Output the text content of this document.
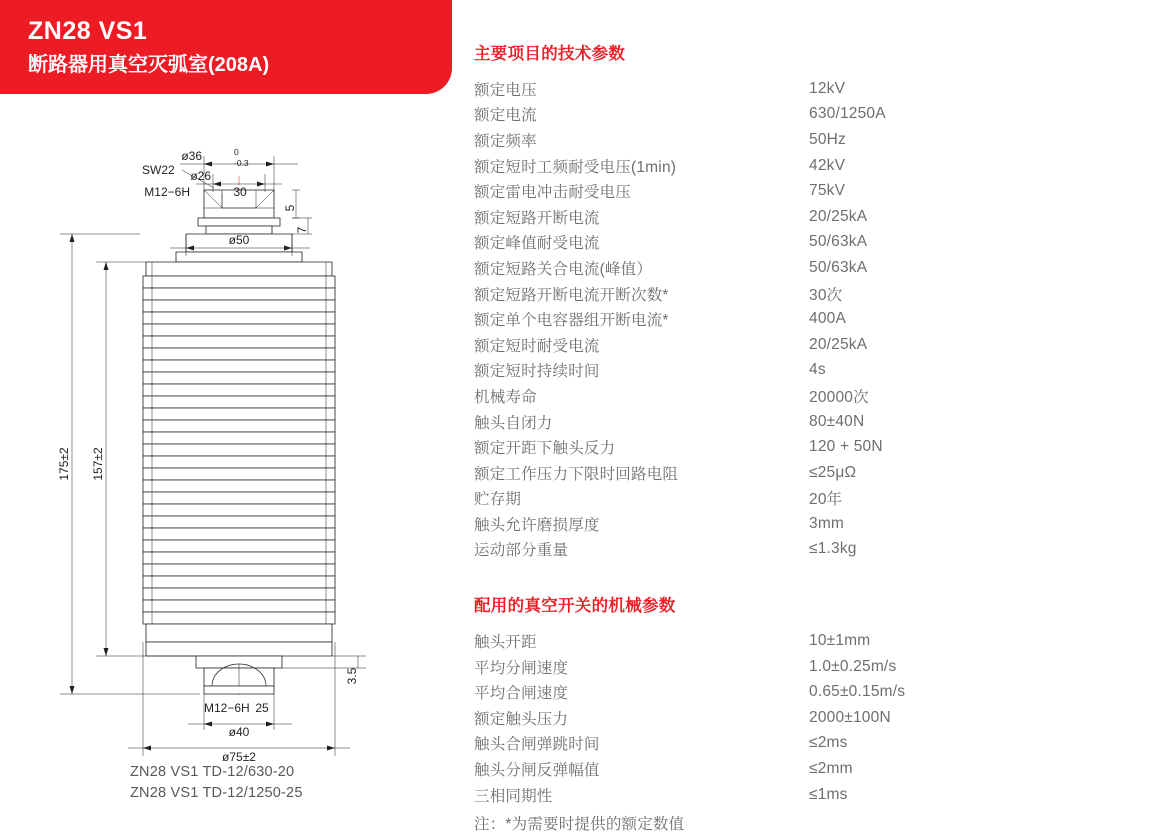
ZN28 VS1
断路器用真空灭弧室(208A)
ø36	0
-0.3
ø26
SW22
M12−6H	30
5
7
ø50
175±2 157±2
3.5
M12−6H 25
ø40
ø75±2
ZN28 VS1 TD-12/630-20
ZN28 VS1 TD-12/1250-25
主要项目的技术参数
额定电压	12kV
额定电流	630/1250A
额定频率	50Hz
额定短时工频耐受电压(1min)	42kV
额定雷电冲击耐受电压	75kV
额定短路开断电流	20/25kA
额定峰值耐受电流	50/63kA
额定短路关合电流(峰值）	50/63kA
额定短路开断电流开断次数*	30次
额定单个电容器组开断电流*	400A
额定短时耐受电流	20/25kA
额定短时持续时间	4s
机械寿命	20000次
触头自闭力	80±40N
额定开距下触头反力	120 + 50N
额定工作压力下限时回路电阻	≤25μΩ
贮存期	20年
触头允许磨损厚度	3mm
运动部分重量	≤1.3kg
配用的真空开关的机械参数
触头开距	10±1mm
平均分闸速度	1.0±0.25m/s
平均合闸速度	0.65±0.15m/s
额定触头压力	2000±100N
触头合闸弹跳时间	≤2ms
触头分闸反弹幅值	≤2mm
三相同期性	≤1ms
注：*为需要时提供的额定数值
